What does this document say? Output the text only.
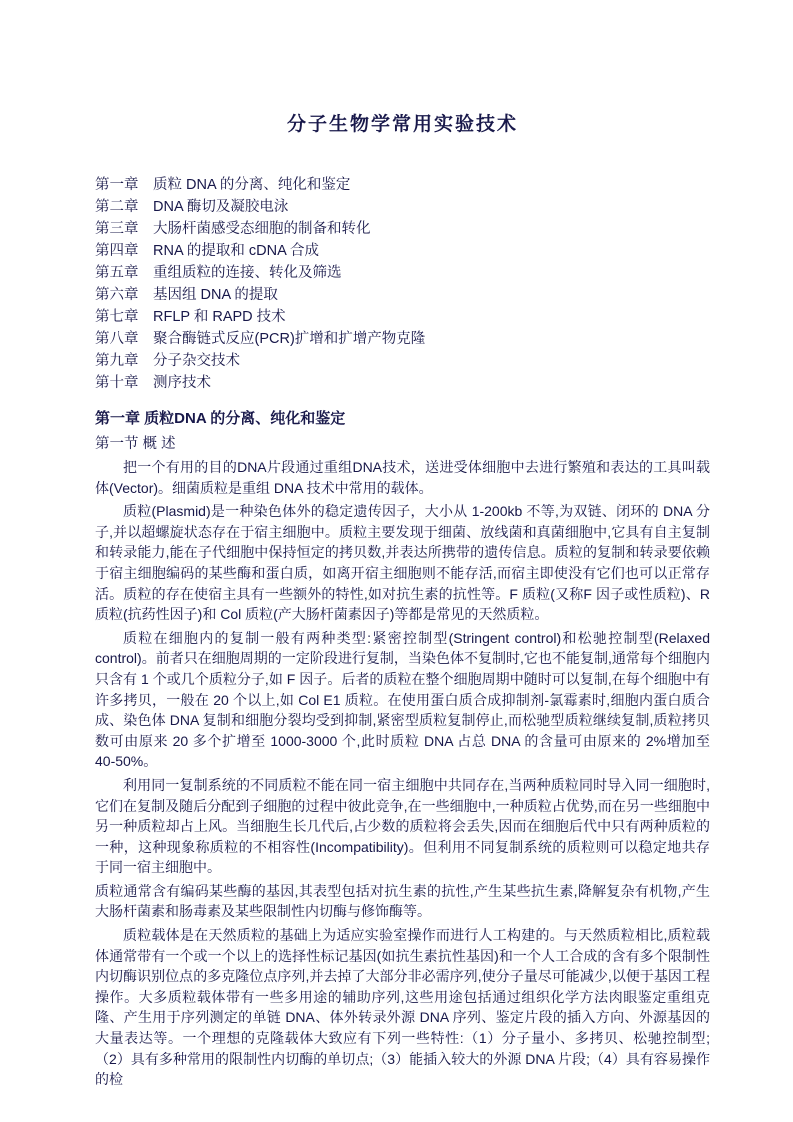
分子生物学常用实验技术
第一章　质粒 DNA 的分离、纯化和鉴定
第二章　DNA 酶切及凝胶电泳
第三章　大肠杆菌感受态细胞的制备和转化
第四章　RNA 的提取和 cDNA 合成
第五章　重组质粒的连接、转化及筛选
第六章　基因组 DNA 的提取
第七章　RFLP 和 RAPD 技术
第八章　聚合酶链式反应(PCR)扩增和扩增产物克隆
第九章　分子杂交技术
第十章　测序技术
第一章 质粒DNA 的分离、纯化和鉴定
第一节 概 述

把一个有用的目的DNA片段通过重组DNA技术，送进受体细胞中去进行繁殖和表达的工具叫载体(Vector)。细菌质粒是重组 DNA 技术中常用的载体。

质粒(Plasmid)是一种染色体外的稳定遗传因子，大小从 1-200kb 不等,为双链、闭环的 DNA 分子,并以超螺旋状态存在于宿主细胞中。质粒主要发现于细菌、放线菌和真菌细胞中,它具有自主复制和转录能力,能在子代细胞中保持恒定的拷贝数,并表达所携带的遗传信息。质粒的复制和转录要依赖于宿主细胞编码的某些酶和蛋白质，如离开宿主细胞则不能存活,而宿主即使没有它们也可以正常存活。质粒的存在使宿主具有一些额外的特性,如对抗生素的抗性等。F 质粒(又称F 因子或性质粒)、R 质粒(抗药性因子)和 Col 质粒(产大肠杆菌素因子)等都是常见的天然质粒。

质粒在细胞内的复制一般有两种类型:紧密控制型(Stringent control)和松驰控制型(Relaxed control)。前者只在细胞周期的一定阶段进行复制，当染色体不复制时,它也不能复制,通常每个细胞内只含有 1 个或几个质粒分子,如 F 因子。后者的质粒在整个细胞周期中随时可以复制,在每个细胞中有许多拷贝，一般在 20 个以上,如 Col E1 质粒。在使用蛋白质合成抑制剂-氯霉素时,细胞内蛋白质合成、染色体 DNA 复制和细胞分裂均受到抑制,紧密型质粒复制停止,而松驰型质粒继续复制,质粒拷贝数可由原来 20 多个扩增至 1000-3000 个,此时质粒 DNA 占总 DNA 的含量可由原来的 2%增加至 40-50%。

利用同一复制系统的不同质粒不能在同一宿主细胞中共同存在,当两种质粒同时导入同一细胞时,它们在复制及随后分配到子细胞的过程中彼此竞争,在一些细胞中,一种质粒占优势,而在另一些细胞中另一种质粒却占上风。当细胞生长几代后,占少数的质粒将会丢失,因而在细胞后代中只有两种质粒的一种，这种现象称质粒的不相容性(Incompatibility)。但利用不同复制系统的质粒则可以稳定地共存于同一宿主细胞中。

质粒通常含有编码某些酶的基因,其表型包括对抗生素的抗性,产生某些抗生素,降解复杂有机物,产生大肠杆菌素和肠毒素及某些限制性内切酶与修饰酶等。

质粒载体是在天然质粒的基础上为适应实验室操作而进行人工构建的。与天然质粒相比,质粒载体通常带有一个或一个以上的选择性标记基因(如抗生素抗性基因)和一个人工合成的含有多个限制性内切酶识别位点的多克隆位点序列,并去掉了大部分非必需序列,使分子量尽可能减少,以便于基因工程操作。大多质粒载体带有一些多用途的辅助序列,这些用途包括通过组织化学方法肉眼鉴定重组克隆、产生用于序列测定的单链 DNA、体外转录外源 DNA 序列、鉴定片段的插入方向、外源基因的大量表达等。一个理想的克隆载体大致应有下列一些特性:（1）分子量小、多拷贝、松驰控制型;（2）具有多种常用的限制性内切酶的单切点;（3）能插入较大的外源 DNA 片段;（4）具有容易操作的检
